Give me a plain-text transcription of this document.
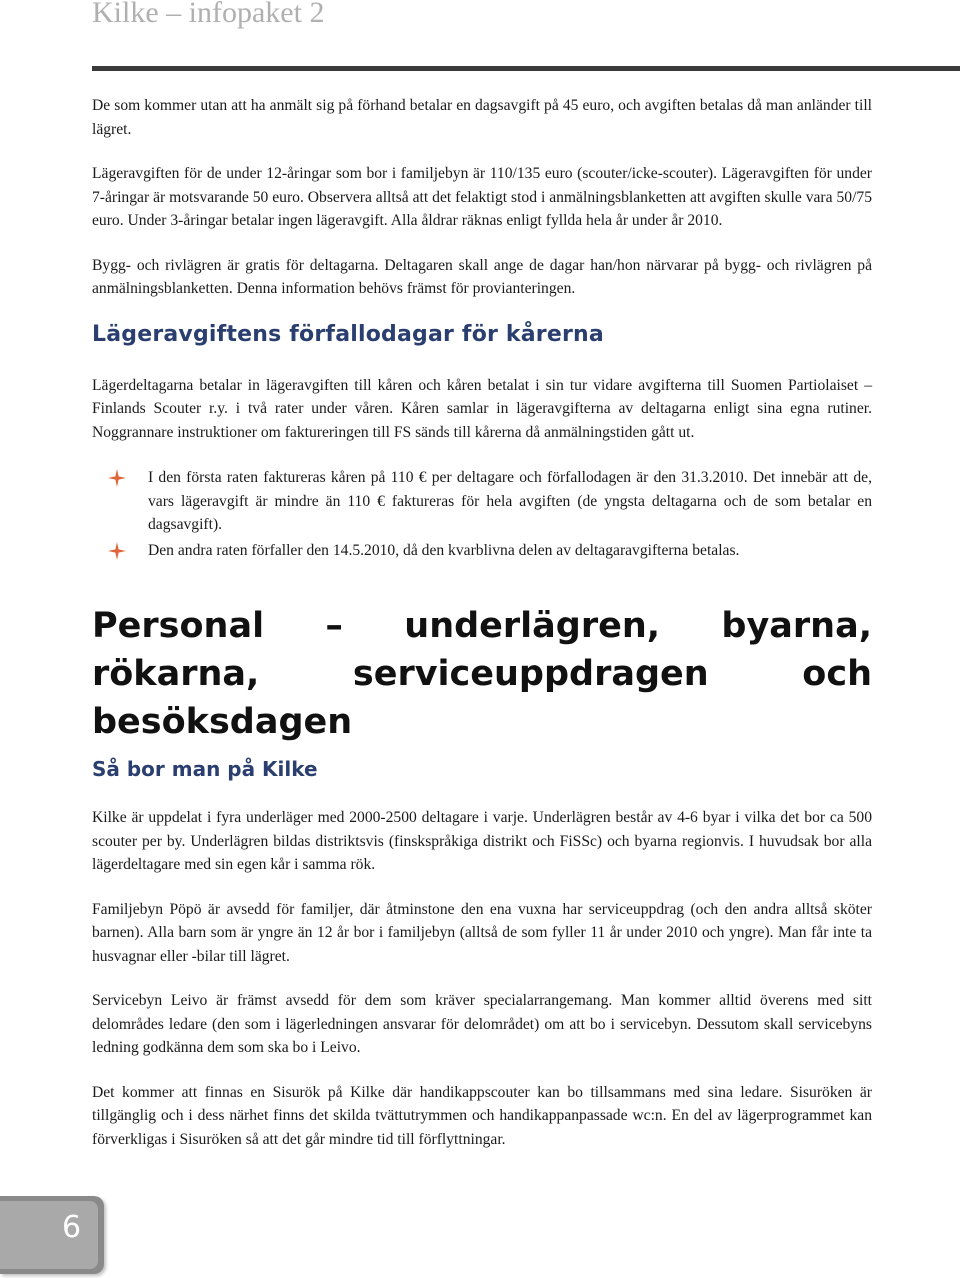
Kilke – infopaket 2

De som kommer utan att ha anmält sig på förhand betalar en dagsavgift på 45 euro, och avgiften betalas då man anländer till lägret.

Lägeravgiften för de under 12-åringar som bor i familjebyn är 110/135 euro (scouter/icke-scouter). Lägeravgiften för under 7-åringar är motsvarande 50 euro. Observera alltså att det felaktigt stod i anmälningsblanketten att avgiften skulle vara 50/75 euro. Under 3-åringar betalar ingen lägeravgift. Alla åldrar räknas enligt fyllda hela år under år 2010.

Bygg- och rivlägren är gratis för deltagarna. Deltagaren skall ange de dagar han/hon närvarar på bygg- och rivlägren på anmälningsblanketten. Denna information behövs främst för provianteringen.

Lägeravgiftens förfallodagar för kårerna

Lägerdeltagarna betalar in lägeravgiften till kåren och kåren betalat i sin tur vidare avgifterna till Suomen Partiolaiset – Finlands Scouter r.y. i två rater under våren. Kåren samlar in lägeravgifterna av deltagarna enligt sina egna rutiner. Noggrannare instruktioner om faktureringen till FS sänds till kårerna då anmälningstiden gått ut.

I den första raten faktureras kåren på 110 € per deltagare och förfallodagen är den 31.3.2010. Det innebär att de, vars lägeravgift är mindre än 110 € faktureras för hela avgiften (de yngsta deltagarna och de som betalar en dagsavgift).
Den andra raten förfaller den 14.5.2010, då den kvarblivna delen av deltagaravgifterna betalas.
Personal – underlägren, byarna, rökarna, serviceuppdragen och besöksdagen
Så bor man på Kilke

Kilke är uppdelat i fyra underläger med 2000-2500 deltagare i varje. Underlägren består av 4-6 byar i vilka det bor ca 500 scouter per by. Underlägren bildas distriktsvis (finskspråkiga distrikt och FiSSc) och byarna regionvis. I huvudsak bor alla lägerdeltagare med sin egen kår i samma rök.

Familjebyn Pöpö är avsedd för familjer, där åtminstone den ena vuxna har serviceuppdrag (och den andra alltså sköter barnen). Alla barn som är yngre än 12 år bor i familjebyn (alltså de som fyller 11 år under 2010 och yngre). Man får inte ta husvagnar eller -bilar till lägret.

Servicebyn Leivo är främst avsedd för dem som kräver specialarrangemang. Man kommer alltid överens med sitt delområdes ledare (den som i lägerledningen ansvarar för delområdet) om att bo i servicebyn. Dessutom skall servicebyns ledning godkänna dem som ska bo i Leivo.

Det kommer att finnas en Sisurök på Kilke där handikappscouter kan bo tillsammans med sina ledare. Sisuröken är tillgänglig och i dess närhet finns det skilda tvättutrymmen och handikappanpassade wc:n. En del av lägerprogrammet kan förverkligas i Sisuröken så att det går mindre tid till förflyttningar.

6
